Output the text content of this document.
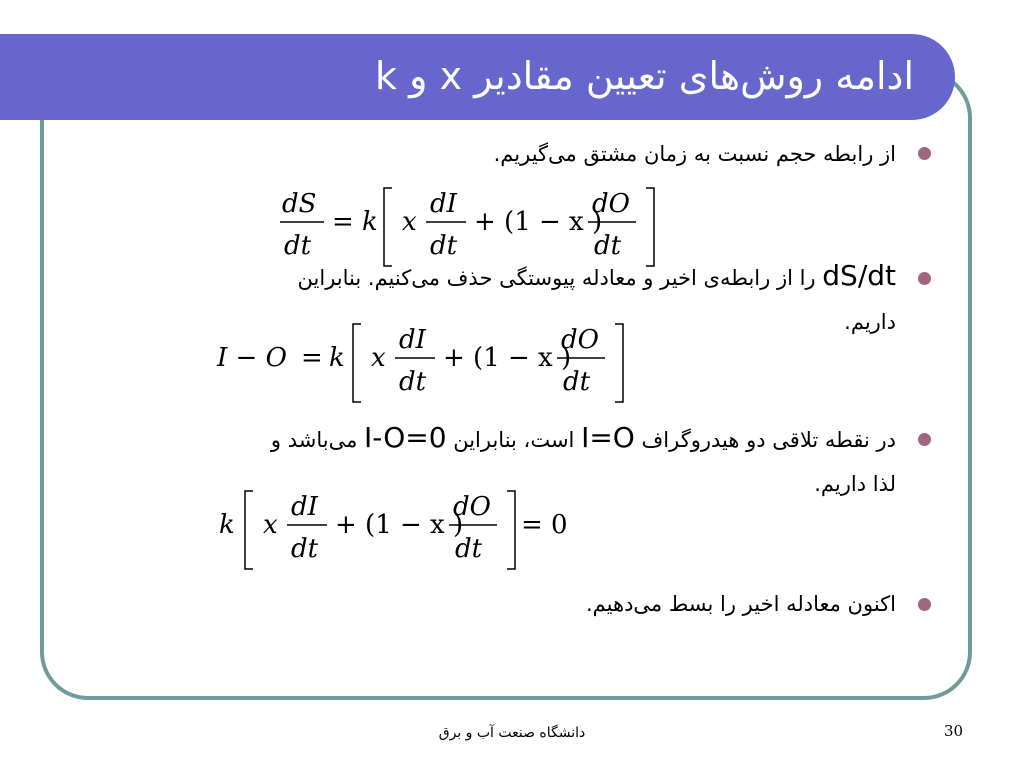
ادامه روش‌های تعیین مقادیر x و k
از رابطه حجم نسبت به زمان مشتق می‌گیریم.
dS
dt
= k x
dI
dt
+ (1 − x )
dO
dt
dS/dt را از رابطه‌ی اخیر و معادله پیوستگی حذف می‌کنیم. بنابراین
داریم.
I − O = k x
dI
dt
+ (1 − x )
dO
dt
در نقطه تلاقی دو هیدروگراف I=O است، بنابراین I-O=0 می‌باشد و
لذا داریم.
k x
dI
dt
+ (1 − x )
dO
dt
= 0
اکنون معادله اخیر را بسط می‌دهیم.
دانشگاه صنعت آب و برق	30
